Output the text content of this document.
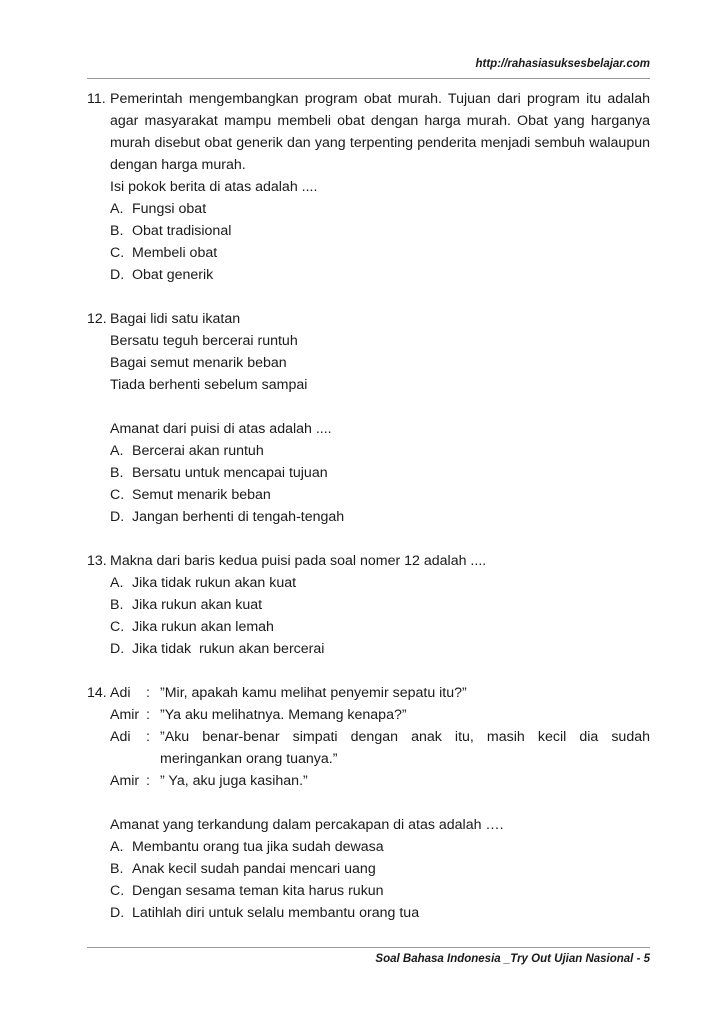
http://rahasiasuksesbelajar.com
11. Pemerintah mengembangkan program obat murah. Tujuan dari program itu adalah agar masyarakat mampu membeli obat dengan harga murah. Obat yang harganya murah disebut obat generik dan yang terpenting penderita menjadi sembuh walaupun dengan harga murah.
Isi pokok berita di atas adalah ....
A. Fungsi obat
B. Obat tradisional
C. Membeli obat
D. Obat generik
12. Bagai lidi satu ikatan
Bersatu teguh bercerai runtuh
Bagai semut menarik beban
Tiada berhenti sebelum sampai
Amanat dari puisi di atas adalah ....
A. Bercerai akan runtuh
B. Bersatu untuk mencapai tujuan
C. Semut menarik beban
D. Jangan berhenti di tengah-tengah
13. Makna dari baris kedua puisi pada soal nomer 12 adalah ....
A. Jika tidak rukun akan kuat
B. Jika rukun akan kuat
C. Jika rukun akan lemah
D. Jika tidak  rukun akan bercerai
14. Adi	: ”Mir, apakah kamu melihat penyemir sepatu itu?”
Amir : ”Ya aku melihatnya. Memang kenapa?”
Adi	: ”Aku benar-benar simpati dengan anak itu, masih kecil dia sudah meringankan orang tuanya.”
Amir : ” Ya, aku juga kasihan.”
Amanat yang terkandung dalam percakapan di atas adalah ….
A. Membantu orang tua jika sudah dewasa
B. Anak kecil sudah pandai mencari uang
C. Dengan sesama teman kita harus rukun
D. Latihlah diri untuk selalu membantu orang tua
Soal Bahasa Indonesia _Try Out Ujian Nasional - 5
